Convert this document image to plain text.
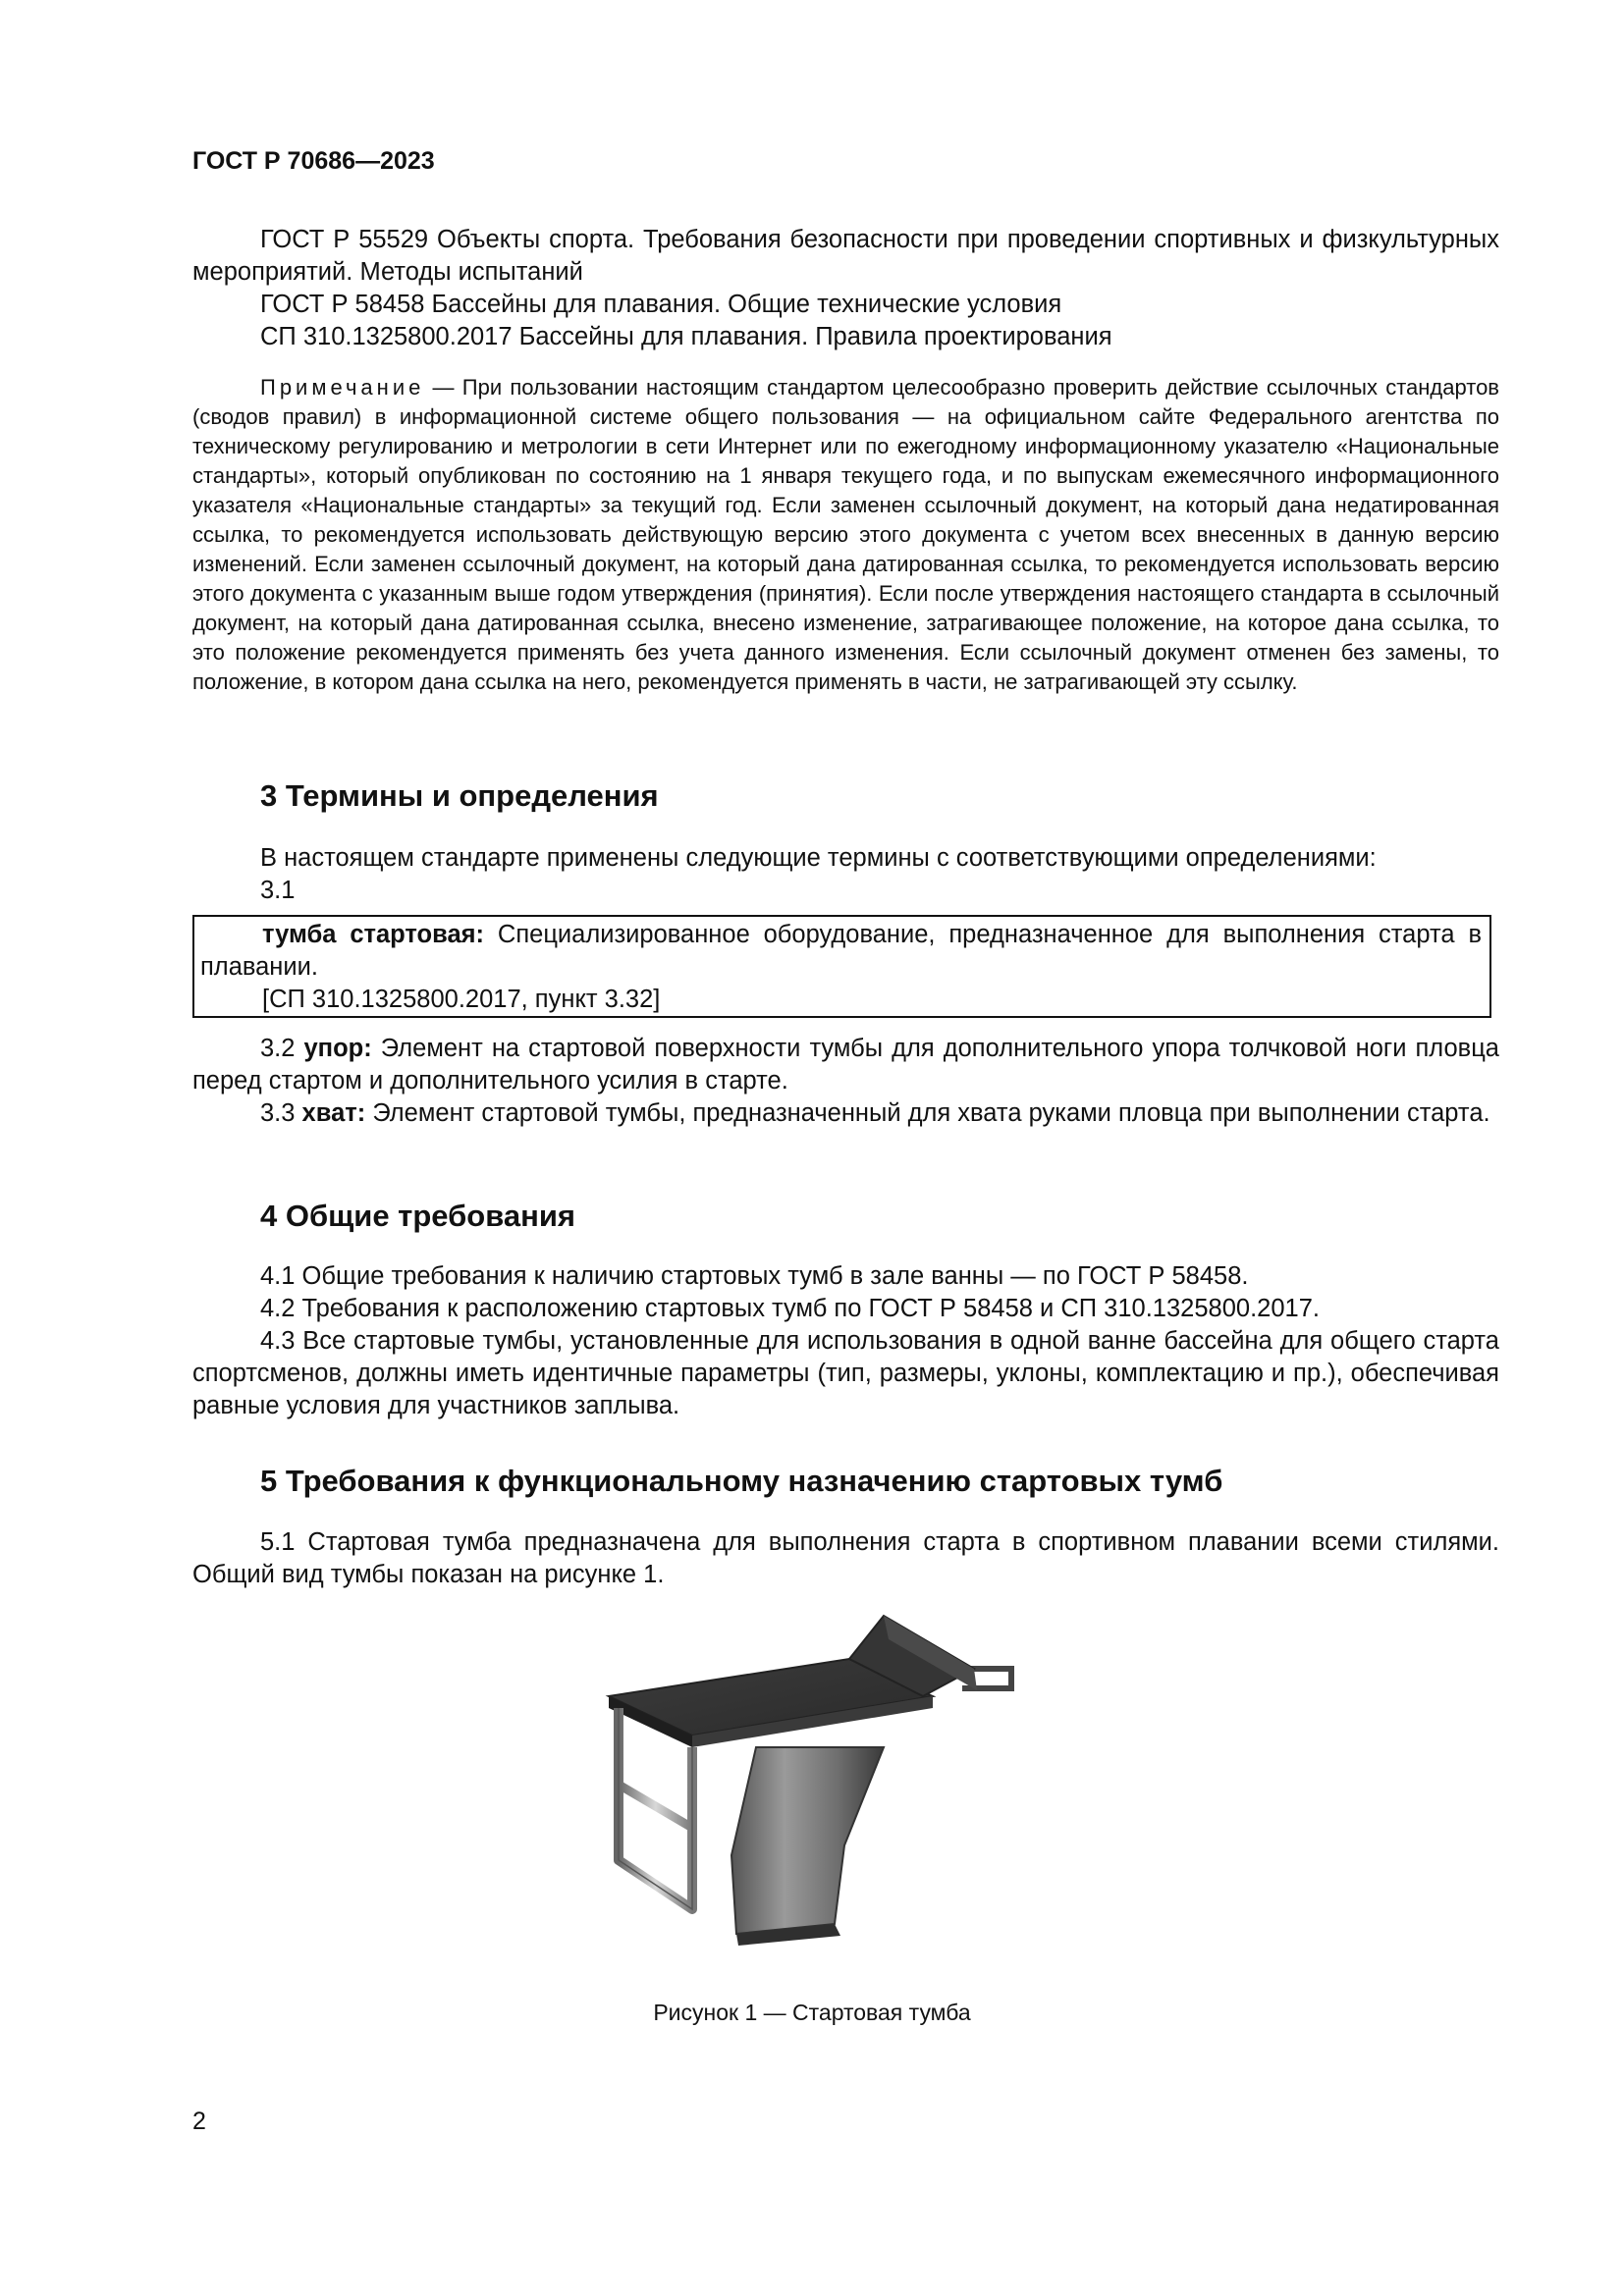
ГОСТ Р 70686—2023

ГОСТ Р 55529 Объекты спорта. Требования безопасности при проведении спортивных и физкультурных мероприятий. Методы испытаний

ГОСТ Р 58458 Бассейны для плавания. Общие технические условия

СП 310.1325800.2017 Бассейны для плавания. Правила проектирования

Примечание — При пользовании настоящим стандартом целесообразно проверить действие ссылочных стандартов (сводов правил) в информационной системе общего пользования — на официальном сайте Федерального агентства по техническому регулированию и метрологии в сети Интернет или по ежегодному информационному указателю «Национальные стандарты», который опубликован по состоянию на 1 января текущего года, и по выпускам ежемесячного информационного указателя «Национальные стандарты» за текущий год. Если заменен ссылочный документ, на который дана недатированная ссылка, то рекомендуется использовать действующую версию этого документа с учетом всех внесенных в данную версию изменений. Если заменен ссылочный документ, на который дана датированная ссылка, то рекомендуется использовать версию этого документа с указанным выше годом утверждения (принятия). Если после утверждения настоящего стандарта в ссылочный документ, на который дана датированная ссылка, внесено изменение, затрагивающее положение, на которое дана ссылка, то это положение рекомендуется применять без учета данного изменения. Если ссылочный документ отменен без замены, то положение, в котором дана ссылка на него, рекомендуется применять в части, не затрагивающей эту ссылку.

3 Термины и определения

В настоящем стандарте применены следующие термины с соответствующими определениями:

3.1

тумба стартовая: Специализированное оборудование, предназначенное для выполнения старта в плавании.

[СП 310.1325800.2017, пункт 3.32]

3.2 упор: Элемент на стартовой поверхности тумбы для дополнительного упора толчковой ноги пловца перед стартом и дополнительного усилия в старте.

3.3 хват: Элемент стартовой тумбы, предназначенный для хвата руками пловца при выполнении старта.

4 Общие требования

4.1 Общие требования к наличию стартовых тумб в зале ванны — по ГОСТ Р 58458.

4.2 Требования к расположению стартовых тумб по ГОСТ Р 58458 и СП 310.1325800.2017.

4.3 Все стартовые тумбы, установленные для использования в одной ванне бассейна для общего старта спортсменов, должны иметь идентичные параметры (тип, размеры, уклоны, комплектацию и пр.), обеспечивая равные условия для участников заплыва.

5 Требования к функциональному назначению стартовых тумб

5.1 Стартовая тумба предназначена для выполнения старта в спортивном плавании всеми стилями. Общий вид тумбы показан на рисунке 1.

Рисунок 1 — Стартовая тумба
2
